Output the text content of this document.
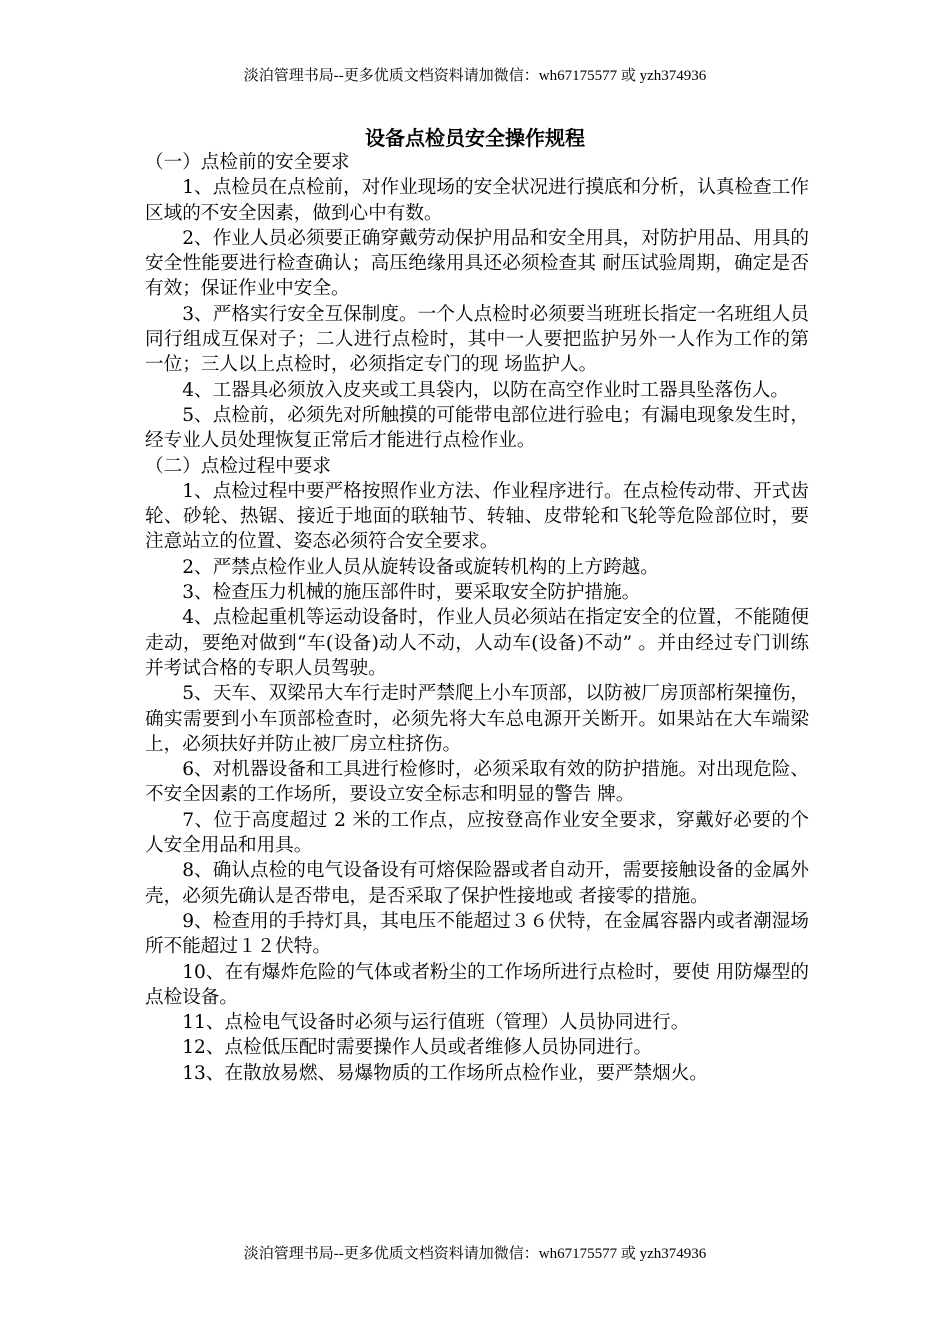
淡泊管理书局--更多优质文档资料请加微信：wh67175577 或 yzh374936
设备点检员安全操作规程

（一）点检前的安全要求

1、点检员在点检前，对作业现场的安全状况进行摸底和分析，认真检查工作区域的不安全因素，做到心中有数。

2、作业人员必须要正确穿戴劳动保护用品和安全用具，对防护用品、用具的安全性能要进行检查确认；高压绝缘用具还必须检查其 耐压试验周期，确定是否有效；保证作业中安全。

3、严格实行安全互保制度。一个人点检时必须要当班班长指定一名班组人员同行组成互保对子；二人进行点检时，其中一人要把监护另外一人作为工作的第一位；三人以上点检时，必须指定专门的现 场监护人。

4、工器具必须放入皮夹或工具袋内，以防在高空作业时工器具坠落伤人。

5、点检前，必须先对所触摸的可能带电部位进行验电；有漏电现象发生时，经专业人员处理恢复正常后才能进行点检作业。

（二）点检过程中要求

1、点检过程中要严格按照作业方法、作业程序进行。在点检传动带、开式齿轮、砂轮、热锯、接近于地面的联轴节、转轴、皮带轮和飞轮等危险部位时，要注意站立的位置、姿态必须符合安全要求。

2、严禁点检作业人员从旋转设备或旋转机构的上方跨越。

3、检查压力机械的施压部件时，要采取安全防护措施。

4、点检起重机等运动设备时，作业人员必须站在指定安全的位置，不能随便走动，要绝对做到“车(设备)动人不动，人动车(设备)不动” 。并由经过专门训练并考试合格的专职人员驾驶。

5、天车、双梁吊大车行走时严禁爬上小车顶部，以防被厂房顶部桁架撞伤，确实需要到小车顶部检查时，必须先将大车总电源开关断开。如果站在大车端梁上，必须扶好并防止被厂房立柱挤伤。

6、对机器设备和工具进行检修时，必须采取有效的防护措施。对出现危险、不安全因素的工作场所，要设立安全标志和明显的警告 牌。

7、位于高度超过 2 米的工作点，应按登高作业安全要求，穿戴好必要的个人安全用品和用具。

8、确认点检的电气设备设有可熔保险器或者自动开，需要接触设备的金属外壳，必须先确认是否带电，是否采取了保护性接地或 者接零的措施。

9、检查用的手持灯具，其电压不能超过３６伏特，在金属容器内或者潮湿场所不能超过１２伏特。

10、在有爆炸危险的气体或者粉尘的工作场所进行点检时，要使 用防爆型的点检设备。

11、点检电气设备时必须与运行值班（管理）人员协同进行。

12、点检低压配时需要操作人员或者维修人员协同进行。

13、在散放易燃、易爆物质的工作场所点检作业，要严禁烟火。

淡泊管理书局--更多优质文档资料请加微信：wh67175577 或 yzh374936
